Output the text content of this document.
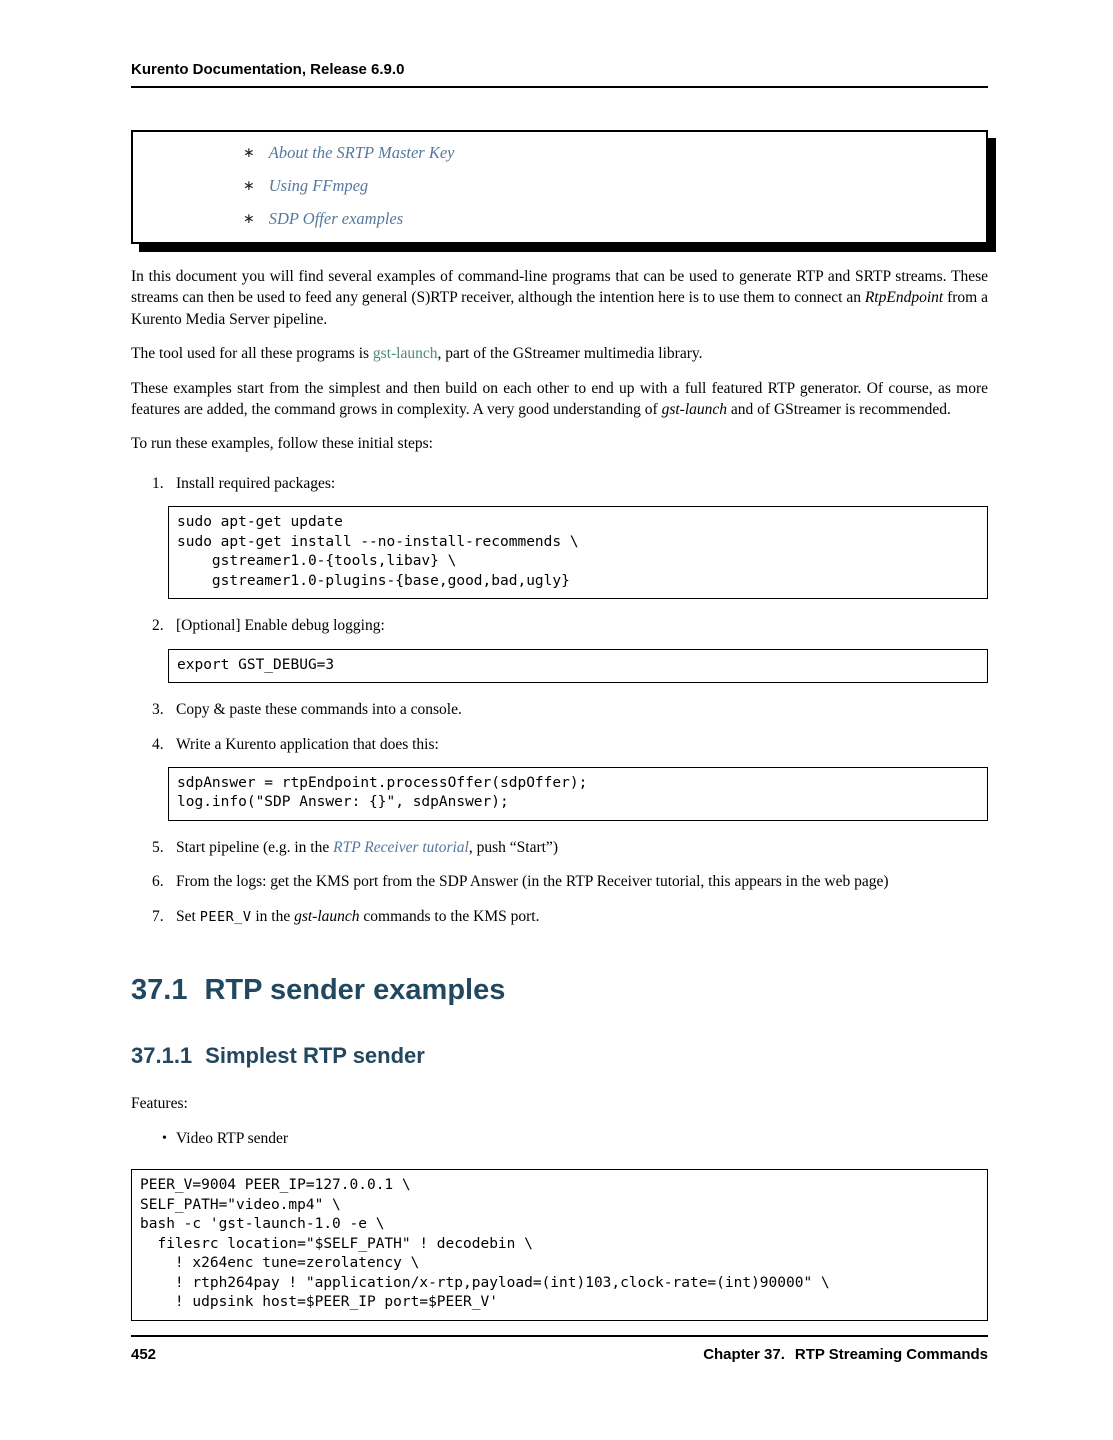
Kurento Documentation, Release 6.9.0
∗ About the SRTP Master Key
∗ Using FFmpeg
∗ SDP Offer examples

In this document you will find several examples of command-line programs that can be used to generate RTP and SRTP streams. These streams can then be used to feed any general (S)RTP receiver, although the intention here is to use them to connect an RtpEndpoint from a Kurento Media Server pipeline.

The tool used for all these programs is gst-launch, part of the GStreamer multimedia library.

These examples start from the simplest and then build on each other to end up with a full featured RTP generator. Of course, as more features are added, the command grows in complexity. A very good understanding of gst-launch and of GStreamer is recommended.

To run these examples, follow these initial steps:

1. Install required packages:
sudo apt-get update
sudo apt-get install --no-install-recommends \
gstreamer1.0-{tools,libav} \
gstreamer1.0-plugins-{base,good,bad,ugly}
2. [Optional] Enable debug logging:
export GST_DEBUG=3
3. Copy & paste these commands into a console.
4. Write a Kurento application that does this:
sdpAnswer = rtpEndpoint.processOffer(sdpOffer);
log.info("SDP Answer: {}", sdpAnswer);
5. Start pipeline (e.g. in the RTP Receiver tutorial, push “Start”)
6. From the logs: get the KMS port from the SDP Answer (in the RTP Receiver tutorial, this appears in the web page)
7. Set PEER_V in the gst-launch commands to the KMS port.
37.1 RTP sender examples
37.1.1 Simplest RTP sender

Features:

• Video RTP sender
PEER_V=9004 PEER_IP=127.0.0.1 \
SELF_PATH="video.mp4" \
bash -c 'gst-launch-1.0 -e \
filesrc location="$SELF_PATH" ! decodebin \
! x264enc tune=zerolatency \
! rtph264pay ! "application/x-rtp,payload=(int)103,clock-rate=(int)90000" \
! udpsink host=$PEER_IP port=$PEER_V'
452	Chapter 37. RTP Streaming Commands
